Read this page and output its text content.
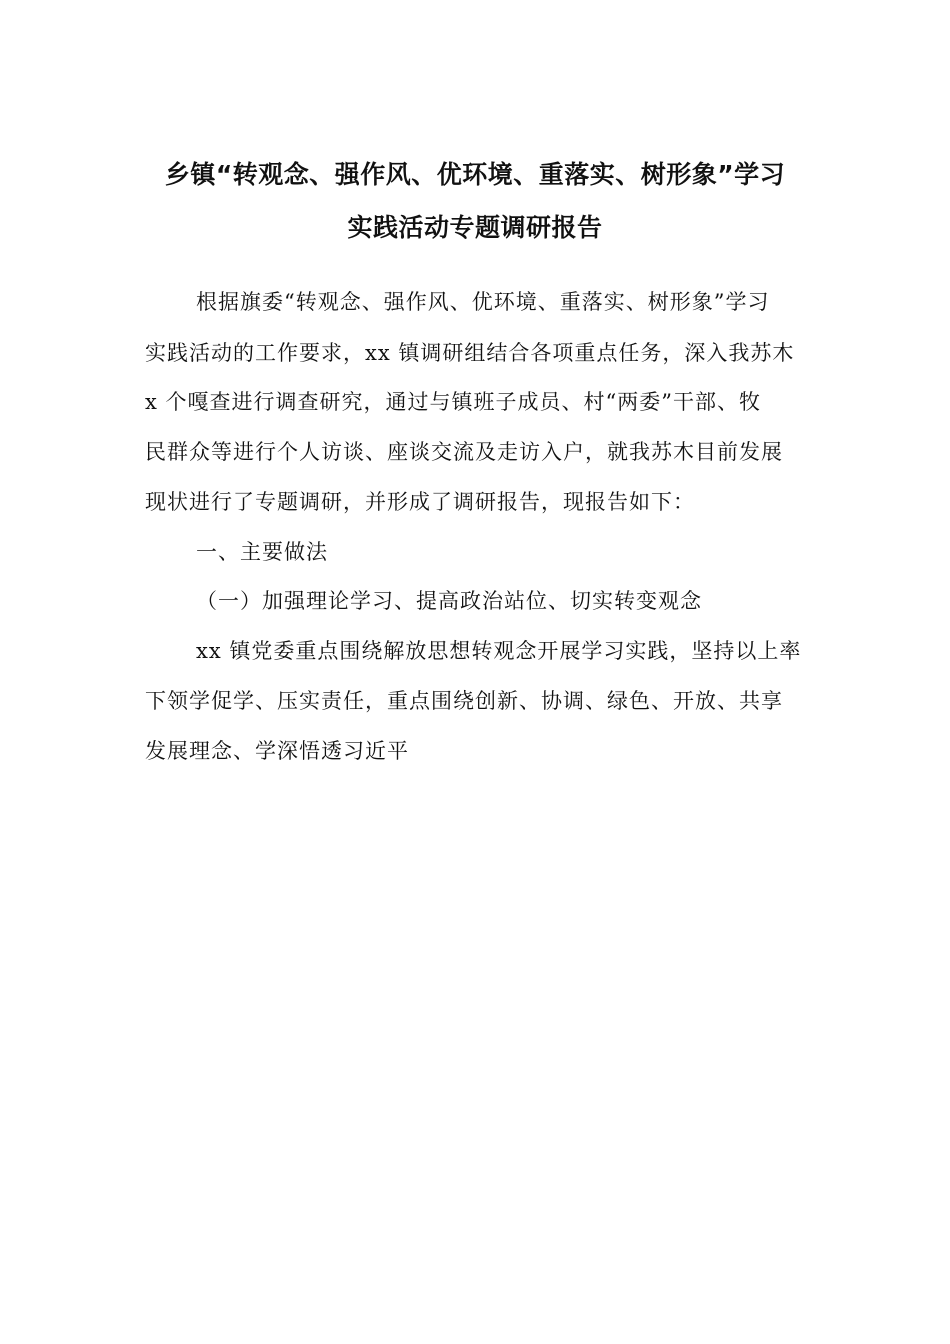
乡镇“转观念、强作风、优环境、重落实、树形象”学习
实践活动专题调研报告
根据旗委“转观念、强作风、优环境、重落实、树形象”学习
实践活动的工作要求，xx 镇调研组结合各项重点任务，深入我苏木
x 个嘎查进行调查研究，通过与镇班子成员、村“两委”干部、牧
民群众等进行个人访谈、座谈交流及走访入户，就我苏木目前发展
现状进行了专题调研，并形成了调研报告，现报告如下：
一、主要做法
（一）加强理论学习、提高政治站位、切实转变观念
xx 镇党委重点围绕解放思想转观念开展学习实践，坚持以上率
下领学促学、压实责任，重点围绕创新、协调、绿色、开放、共享
发展理念、学深悟透习近平
